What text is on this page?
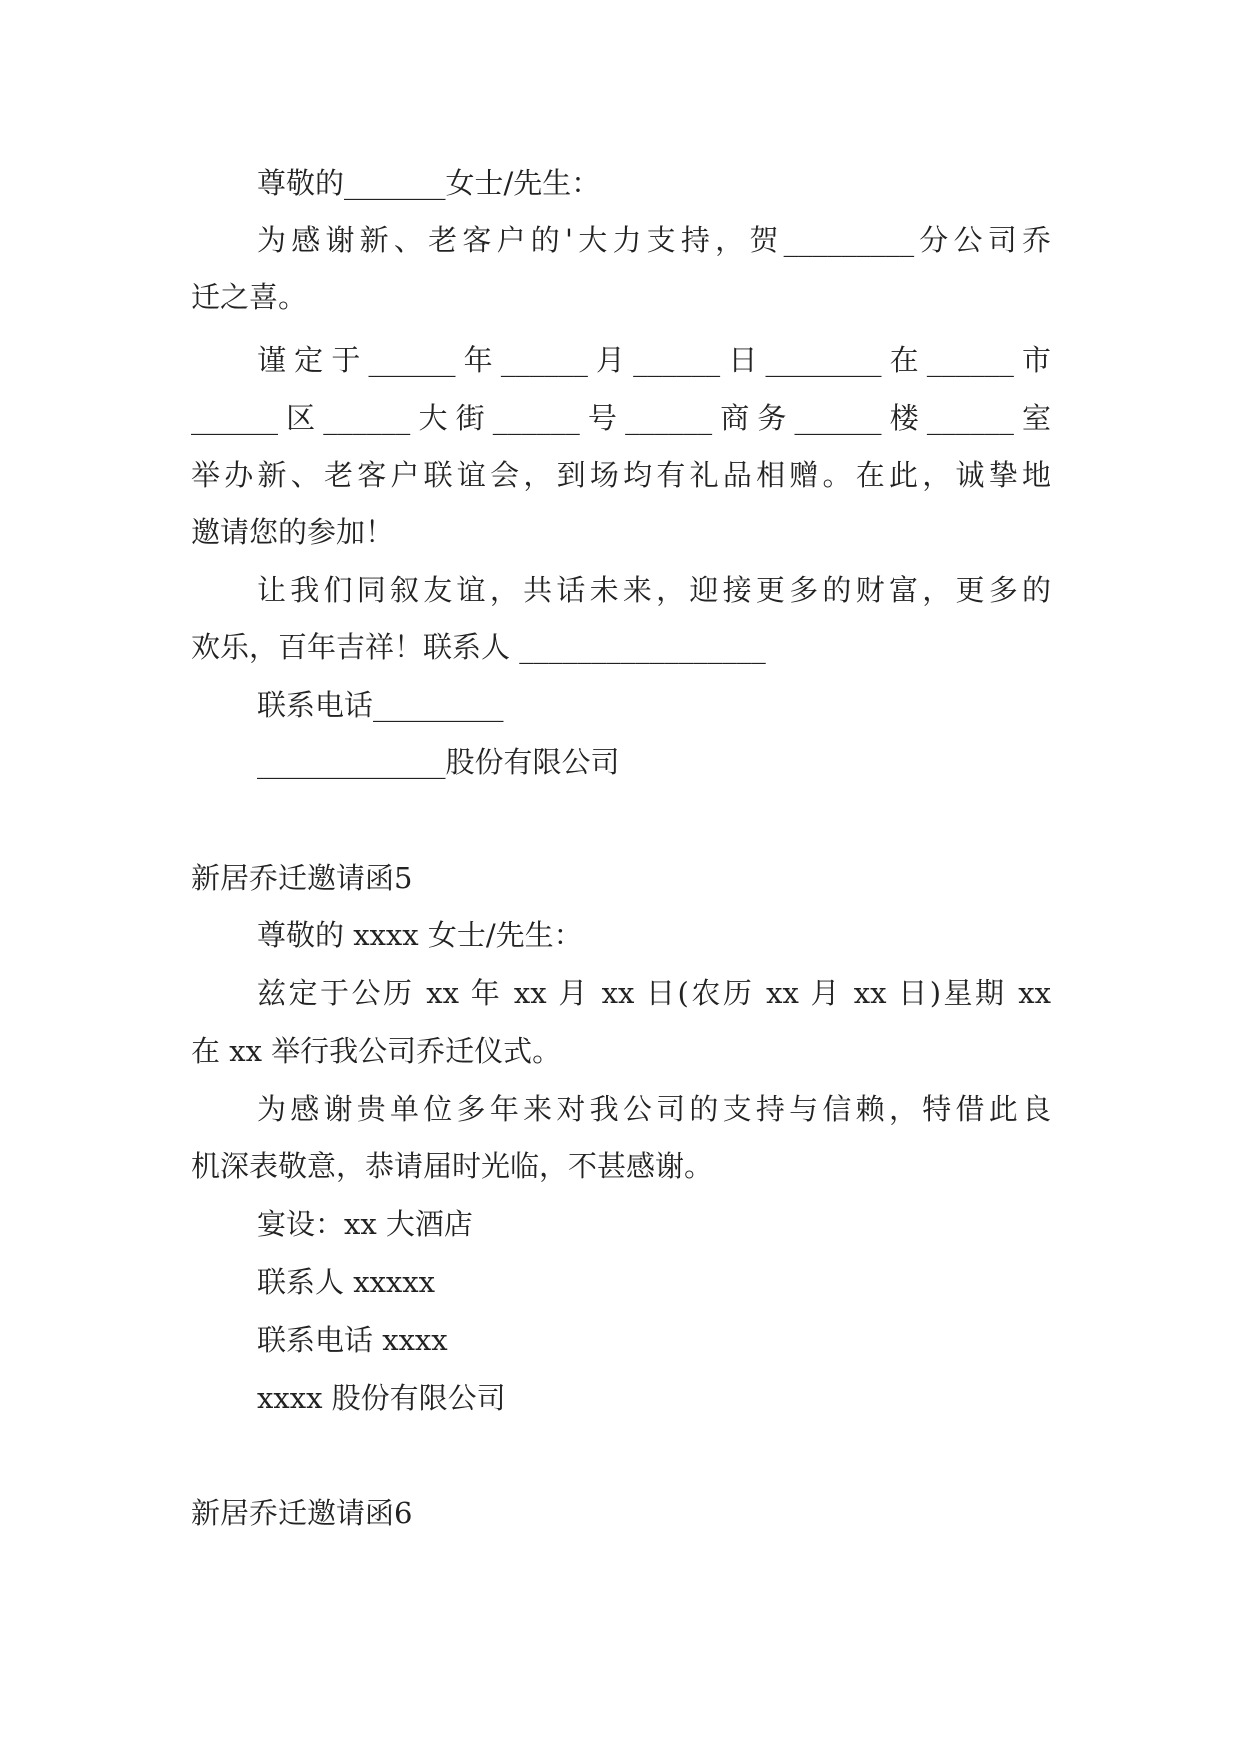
尊敬的_______女士/先生：
为感谢新、老客户的'大力支持，贺_________分公司乔
迁之喜。
谨定于______年______月______日________在______市
______区______大街______号______商务______楼______室
举办新、老客户联谊会，到场均有礼品相赠。在此，诚挚地
邀请您的参加！
让我们同叙友谊，共话未来，迎接更多的财富，更多的
欢乐，百年吉祥！联系人 _________________
联系电话_________
_____________股份有限公司
新居乔迁邀请函5
尊敬的 xxxx 女士/先生：
兹定于公历 xx 年 xx 月 xx 日(农历 xx 月 xx 日)星期 xx
在 xx 举行我公司乔迁仪式。
为感谢贵单位多年来对我公司的支持与信赖，特借此良
机深表敬意，恭请届时光临，不甚感谢。
宴设：xx 大酒店
联系人 xxxxx
联系电话 xxxx
xxxx 股份有限公司
新居乔迁邀请函6
